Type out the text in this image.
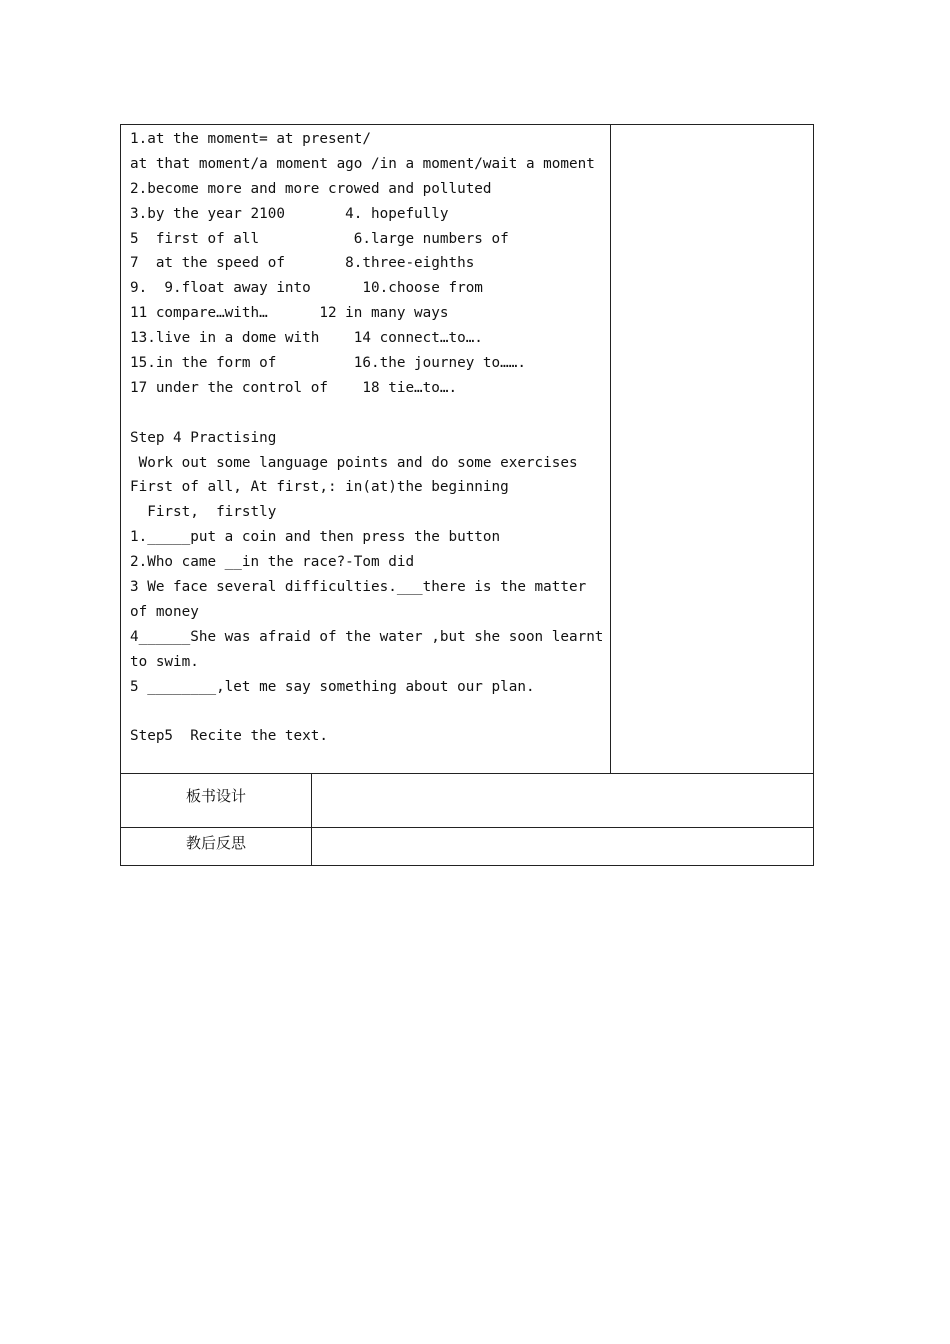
1.at the moment= at present/
at that moment/a moment ago /in a moment/wait a moment
2.become more and more crowed and polluted
3.by the year 2100       4. hopefully
5  first of all           6.large numbers of
7  at the speed of       8.three-eighths
9.  9.float away into      10.choose from
11 compare…with…      12 in many ways
13.live in a dome with    14 connect…to….
15.in the form of         16.the journey to…….
17 under the control of    18 tie…to….
Step 4 Practising
Work out some language points and do some exercises
First of all, At first,: in(at)the beginning
First,  firstly
1._____put a coin and then press the button
2.Who came __in the race?-Tom did
3 We face several difficulties.___there is the matter
of money
4______She was afraid of the water ,but she soon learnt
to swim.
5 ________,let me say something about our plan.
Step5  Recite the text.
板书设计
教后反思
